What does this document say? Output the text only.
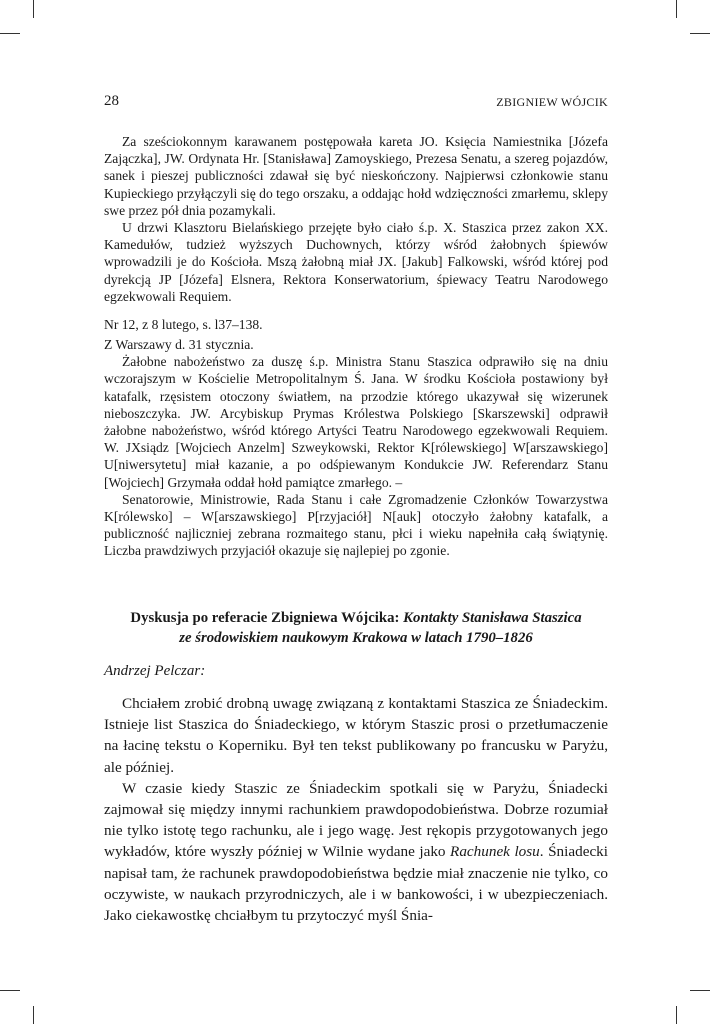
28	ZBIGNIEW WÓJCIK

Za sześciokonnym karawanem postępowała kareta JO. Księcia Namiestnika [Józefa Zajączka], JW. Ordynata Hr. [Stanisława] Zamoyskiego, Prezesa Senatu, a szereg pojazdów, sanek i pieszej publiczności zdawał się być nieskończony. Najpierwsi członkowie stanu Kupieckiego przyłączyli się do tego orszaku, a oddając hołd wdzięczności zmarłemu, sklepy swe przez pół dnia pozamykali.

U drzwi Klasztoru Bielańskiego przejęte było ciało ś.p. X. Staszica przez zakon XX. Kamedułów, tudzież wyższych Duchownych, którzy wśród żałobnych śpiewów wprowadzili je do Kościoła. Mszą żałobną miał JX. [Jakub] Falkowski, wśród której pod dyrekcją JP [Józefa] Elsnera, Rektora Konserwatorium, śpiewacy Teatru Narodowego egzekwowali Requiem.

Nr 12, z 8 lutego, s. l37–138.

Z Warszawy d. 31 stycznia.

Żałobne nabożeństwo za duszę ś.p. Ministra Stanu Staszica odprawiło się na dniu wczorajszym w Kościelie Metropolitalnym Ś. Jana. W środku Kościoła postawiony był katafalk, rzęsistem otoczony światłem, na przodzie którego ukazywał się wizerunek nieboszczyka. JW. Arcybiskup Prymas Królestwa Polskiego [Skarszewski] odprawił żałobne nabożeństwo, wśród którego Artyści Teatru Narodowego egzekwowali Requiem. W. JXsiądz [Wojciech Anzelm] Szweykowski, Rektor K[rólewskiego] W[arszawskiego] U[niwersytetu] miał kazanie, a po odśpiewanym Kondukcie JW. Referendarz Stanu [Wojciech] Grzymała oddał hołd pamiątce zmarłego. –

Senatorowie, Ministrowie, Rada Stanu i całe Zgromadzenie Członków Towarzystwa K[rólewsko] – W[arszawskiego] P[rzyjaciół] N[auk] otoczyło żałobny katafalk, a publiczność najliczniej zebrana rozmaitego stanu, płci i wieku napełniła całą świątynię. Liczba prawdziwych przyjaciół okazuje się najlepiej po zgonie.

Dyskusja po referacie Zbigniewa Wójcika: Kontakty Stanisława Staszica
ze środowiskiem naukowym Krakowa w latach 1790–1826
Andrzej Pelczar:

Chciałem zrobić drobną uwagę związaną z kontaktami Staszica ze Śniadeckim. Istnieje list Staszica do Śniadeckiego, w którym Staszic prosi o przetłumaczenie na łacinę tekstu o Koperniku. Był ten tekst publikowany po francusku w Paryżu, ale później.

W czasie kiedy Staszic ze Śniadeckim spotkali się w Paryżu, Śniadecki zajmował się między innymi rachunkiem prawdopodobieństwa. Dobrze rozumiał nie tylko istotę tego rachunku, ale i jego wagę. Jest rękopis przygotowanych jego wykładów, które wyszły później w Wilnie wydane jako Rachunek losu. Śniadecki napisał tam, że rachunek prawdopodobieństwa będzie miał znaczenie nie tylko, co oczywiste, w naukach przyrodniczych, ale i w bankowości, i w ubezpieczeniach. Jako ciekawostkę chciałbym tu przytoczyć myśl Śnia-
